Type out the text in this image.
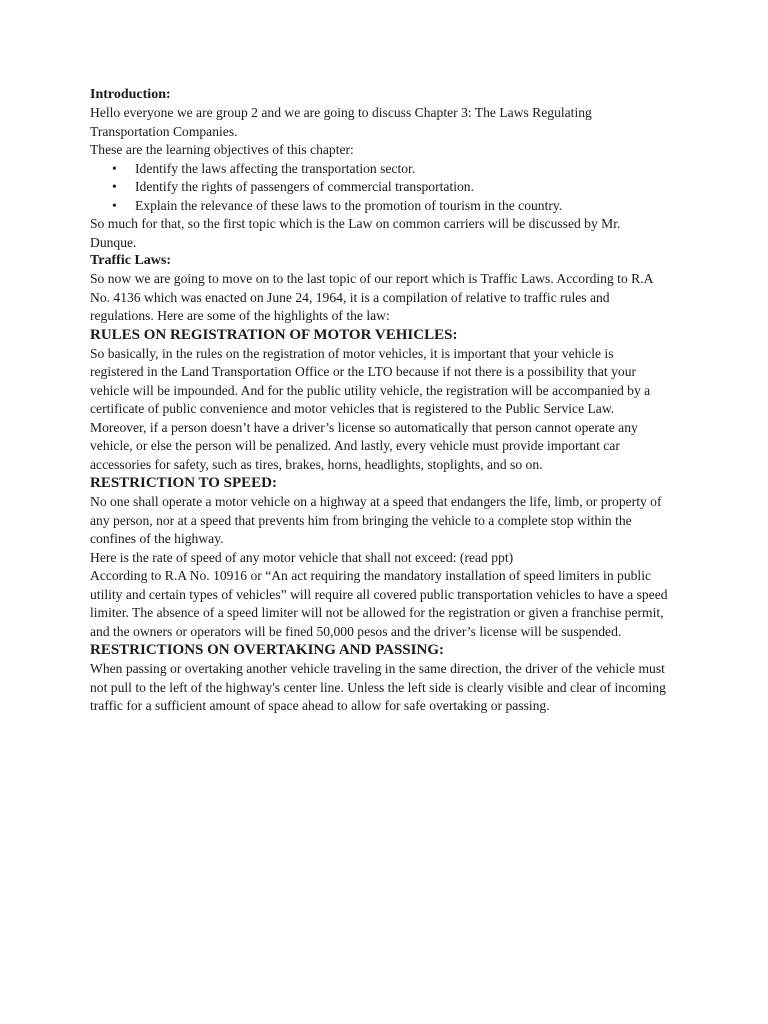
Introduction:

Hello everyone we are group 2 and we are going to discuss Chapter 3: The Laws Regulating
Transportation Companies.

These are the learning objectives of this chapter:

• Identify the laws affecting the transportation sector.
• Identify the rights of passengers of commercial transportation.
• Explain the relevance of these laws to the promotion of tourism in the country.

So much for that, so the first topic which is the Law on common carriers will be discussed by Mr.
Dunque.

Traffic Laws:

So now we are going to move on to the last topic of our report which is Traffic Laws. According to R.A
No. 4136 which was enacted on June 24, 1964, it is a compilation of relative to traffic rules and
regulations. Here are some of the highlights of the law:

RULES ON REGISTRATION OF MOTOR VEHICLES:

So basically, in the rules on the registration of motor vehicles, it is important that your vehicle is
registered in the Land Transportation Office or the LTO because if not there is a possibility that your
vehicle will be impounded. And for the public utility vehicle, the registration will be accompanied by a
certificate of public convenience and motor vehicles that is registered to the Public Service Law.
Moreover, if a person doesn’t have a driver’s license so automatically that person cannot operate any
vehicle, or else the person will be penalized. And lastly, every vehicle must provide important car
accessories for safety, such as tires, brakes, horns, headlights, stoplights, and so on.

RESTRICTION TO SPEED:

No one shall operate a motor vehicle on a highway at a speed that endangers the life, limb, or property of
any person, nor at a speed that prevents him from bringing the vehicle to a complete stop within the
confines of the highway.

Here is the rate of speed of any motor vehicle that shall not exceed: (read ppt)

According to R.A No. 10916 or “An act requiring the mandatory installation of speed limiters in public
utility and certain types of vehicles” will require all covered public transportation vehicles to have a speed
limiter. The absence of a speed limiter will not be allowed for the registration or given a franchise permit,
and the owners or operators will be fined 50,000 pesos and the driver’s license will be suspended.

RESTRICTIONS ON OVERTAKING AND PASSING:

When passing or overtaking another vehicle traveling in the same direction, the driver of the vehicle must
not pull to the left of the highway's center line. Unless the left side is clearly visible and clear of incoming
traffic for a sufficient amount of space ahead to allow for safe overtaking or passing.
